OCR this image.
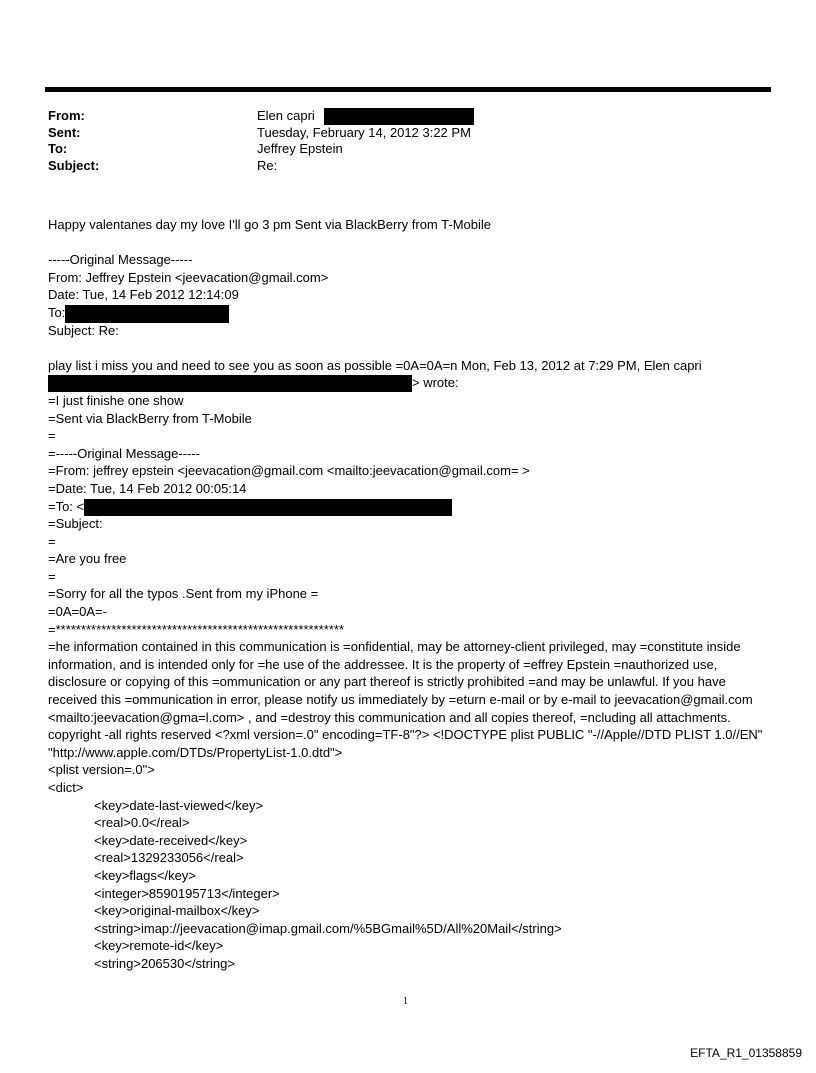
From:	Elen capri
Sent:	Tuesday, February 14, 2012 3:22 PM
To:	Jeffrey Epstein
Subject:	Re:
Happy valentanes day my love I'll go 3 pm Sent via BlackBerry from T-Mobile
-----Original Message-----
From: Jeffrey Epstein <jeevacation@gmail.com>
Date: Tue, 14 Feb 2012 12:14:09
To:
Subject: Re:
play list i miss you and need to see you as soon as possible =0A=0A=n Mon, Feb 13, 2012 at 7:29 PM, Elen capri
> wrote:
=I just finishe one show
=Sent via BlackBerry from T-Mobile
=
=-----Original Message-----
=From: jeffrey epstein <jeevacation@gmail.com <mailto:jeevacation@gmail.com= >
=Date: Tue, 14 Feb 2012 00:05:14
=To: <
=Subject:
=
=Are you free
=
=Sorry for all the typos .Sent from my iPhone =
=0A=0A=-
=*********************************************************
=he information contained in this communication is =onfidential, may be attorney-client privileged, may =constitute inside information, and is intended only for =he use of the addressee. It is the property of =effrey Epstein =nauthorized use, disclosure or copying of this =ommunication or any part thereof is strictly prohibited =and may be unlawful. If you have received this =ommunication in error, please notify us immediately by =eturn e-mail or by e-mail to jeevacation@gmail.com <mailto:jeevacation@gma=l.com> , and =destroy this communication and all copies thereof, =ncluding all attachments. copyright -all rights reserved <?xml version=.0" encoding=TF-8"?> <!DOCTYPE plist PUBLIC "-//Apple//DTD PLIST 1.0//EN" "http://www.apple.com/DTDs/PropertyList-1.0.dtd">
<plist version=.0">
<dict>
<key>date-last-viewed</key>
<real>0.0</real>
<key>date-received</key>
<real>1329233056</real>
<key>flags</key>
<integer>8590195713</integer>
<key>original-mailbox</key>
<string>imap://jeevacation@imap.gmail.com/%5BGmail%5D/All%20Mail</string>
<key>remote-id</key>
<string>206530</string>
1
EFTA_R1_01358859
